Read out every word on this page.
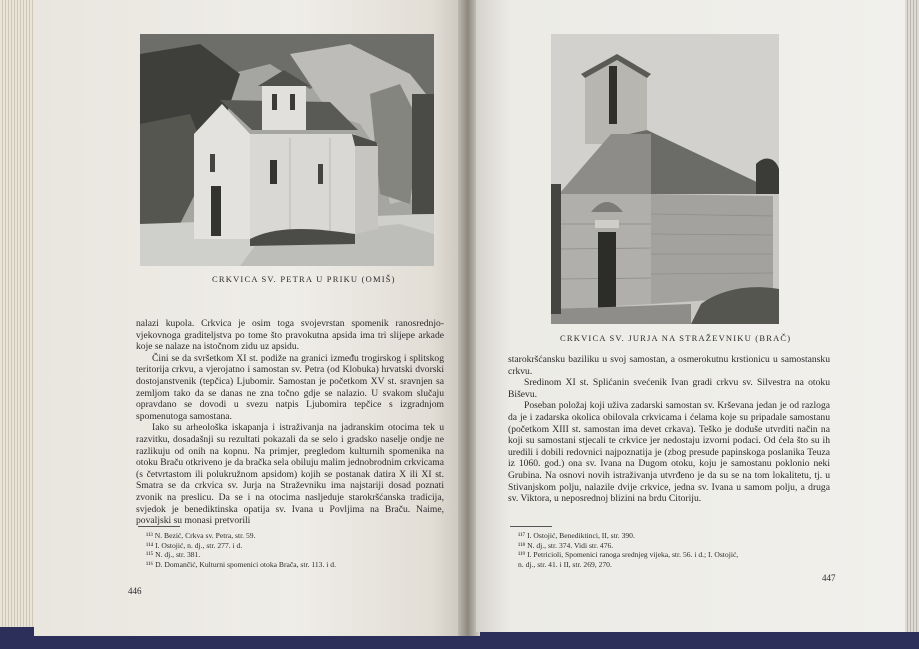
CRKVICA SV. PETRA U PRIKU (OMIŠ)

nalazi kupola. Crkvica je osim toga svojevrstan spomenik ranosrednjo-vjekovnoga graditeljstva po tome što pravokutna apsida ima tri slijepe arkade koje se nalaze na istočnom zidu uz apsidu.

Čini se da svršetkom XI st. podiže na granici između trogirskog i splitskog teritorija crkvu, a vjerojatno i samostan sv. Petra (od Klobuka) hrvatski dvorski dostojanstvenik (tepčica) Ljubomir. Samostan je početkom XV st. sravnjen sa zemljom tako da se danas ne zna točno gdje se nalazio. U svakom slučaju opravdano se dovodi u svezu natpis Ljubomira tepčice s izgradnjom spomenutoga samostana.

Iako su arheološka iskapanja i istraživanja na jadranskim otocima tek u razvitku, dosadašnji su rezultati pokazali da se selo i gradsko naselje ondje ne razlikuju od onih na kopnu. Na primjer, pregledom kulturnih spomenika na otoku Braču otkriveno je da bračka sela obiluju malim jednobrodnim crkvicama (s četvrtastom ili polukružnom apsidom) kojih se postanak datira X ili XI st. Smatra se da crkvica sv. Jurja na Straževniku ima najstariji dosad poznati zvonik na preslicu. Da se i na otocima nasljeduje starokršćanska tradicija, svjedok je benediktinska opatija sv. Ivana u Povljima na Braču. Naime, povaljski su monasi pretvorili

¹¹³ N. Bezić, Crkva sv. Petra, str. 59.
¹¹⁴ I. Ostojić, n. dj., str. 277. i d.
¹¹⁵ N. dj., str. 381.
¹¹⁶ D. Domančić, Kulturni spomenici otoka Brača, str. 113. i d.
446
CRKVICA SV. JURJA NA STRAŽEVNIKU (BRAČ)

starokršćansku baziliku u svoj samostan, a osmerokutnu krstionicu u samostansku crkvu.

Sredinom XI st. Splićanin svećenik Ivan gradi crkvu sv. Silvestra na otoku Biševu.

Poseban položaj koji uživa zadarski samostan sv. Krševana jedan je od razloga da je i zadarska okolica obilovala crkvicama i ćelama koje su pripadale samostanu (početkom XIII st. samostan ima devet crkava). Teško je doduše utvrditi način na koji su samostani stjecali te crkvice jer nedostaju izvorni podaci. Od ćela što su ih uredili i dobili redovnici najpoznatija je (zbog presude papinskoga poslanika Teuza iz 1060. god.) ona sv. Ivana na Dugom otoku, koju je samostanu poklonio neki Grubina. Na osnovi novih istraživanja utvrđeno je da su se na tom lokalitetu, tj. u Stivanjskom polju, nalazile dvije crkvice, jedna sv. Ivana u samom polju, a druga sv. Viktora, u neposrednoj blizini na brdu Citoriju.

¹¹⁷ I. Ostojić, Benediktinci, II, str. 390.
¹¹⁸ N. dj., str. 374. Vidi str. 476.
¹¹⁹ I. Petricioli, Spomenici ranoga srednjeg vijeka, str. 56. i d.; I. Ostojić,
n. dj., str. 41. i II, str. 269, 270.
447
